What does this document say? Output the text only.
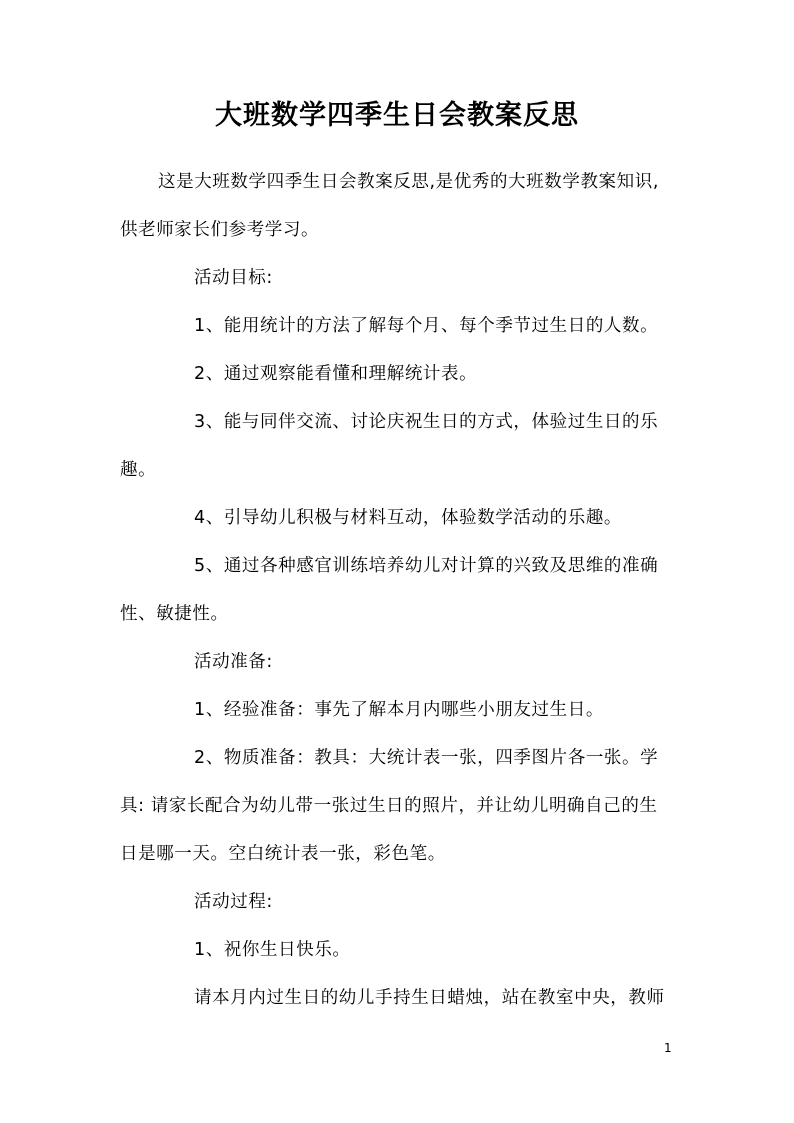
大班数学四季生日会教案反思
这是大班数学四季生日会教案反思,是优秀的大班数学教案知识,
供老师家长们参考学习。
活动目标:
1、能用统计的方法了解每个月、每个季节过生日的人数。
2、通过观察能看懂和理解统计表。
3、能与同伴交流、讨论庆祝生日的方式，体验过生日的乐
趣。
4、引导幼儿积极与材料互动，体验数学活动的乐趣。
5、通过各种感官训练培养幼儿对计算的兴致及思维的准确
性、敏捷性。
活动准备:
1、经验准备：事先了解本月内哪些小朋友过生日。
2、物质准备：教具：大统计表一张，四季图片各一张。学
具: 请家长配合为幼儿带一张过生日的照片，并让幼儿明确自己的生
日是哪一天。空白统计表一张，彩色笔。
活动过程:
1、祝你生日快乐。
请本月内过生日的幼儿手持生日蜡烛，站在教室中央，教师
1
